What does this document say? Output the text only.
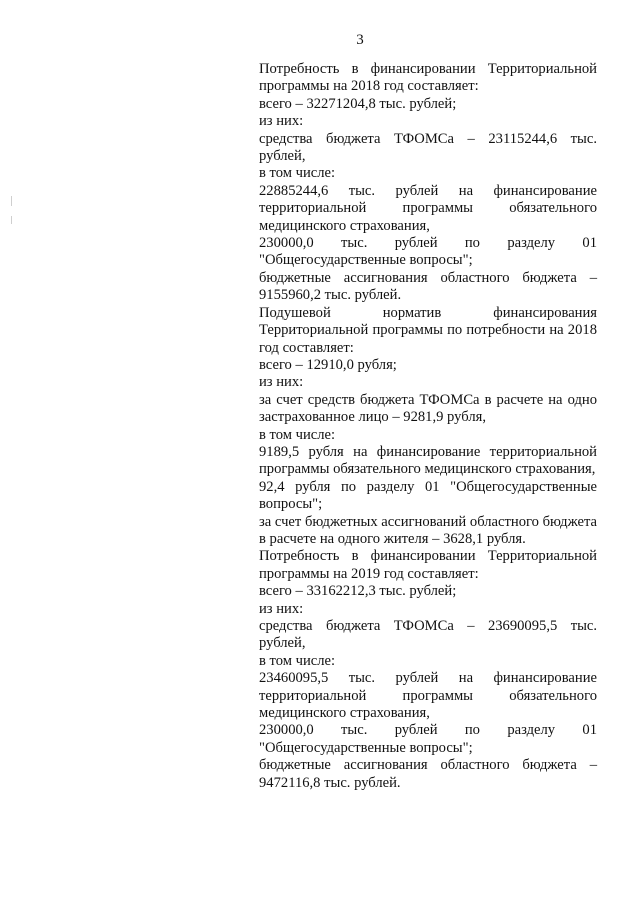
3

Потребность в финансировании Территориальной программы на 2018 год составляет:

всего – 32271204,8 тыс. рублей;

из них:

средства бюджета ТФОМСа – 23115244,6 тыс. рублей,

в том числе:

22885244,6 тыс. рублей на финансирование территориальной программы обязательного медицинского страхования,

230000,0 тыс. рублей по разделу 01 "Общегосударственные вопросы";

бюджетные ассигнования областного бюджета – 9155960,2 тыс. рублей.

Подушевой норматив финансирования Территориальной программы по потребности на 2018 год составляет:

всего – 12910,0 рубля;

из них:

за счет средств бюджета ТФОМСа в расчете на одно застрахованное лицо – 9281,9 рубля,

в том числе:

9189,5 рубля на финансирование территориальной программы обязательного медицинского страхования,

92,4 рубля по разделу 01 "Общегосударственные вопросы";

за счет бюджетных ассигнований областного бюджета в расчете на одного жителя – 3628,1 рубля.

Потребность в финансировании Территориальной программы на 2019 год составляет:

всего – 33162212,3 тыс. рублей;

из них:

средства бюджета ТФОМСа – 23690095,5 тыс. рублей,

в том числе:

23460095,5 тыс. рублей на финансирование территориальной программы обязательного медицинского страхования,

230000,0 тыс. рублей по разделу 01 "Общегосударственные вопросы";

бюджетные ассигнования областного бюджета – 9472116,8 тыс. рублей.
